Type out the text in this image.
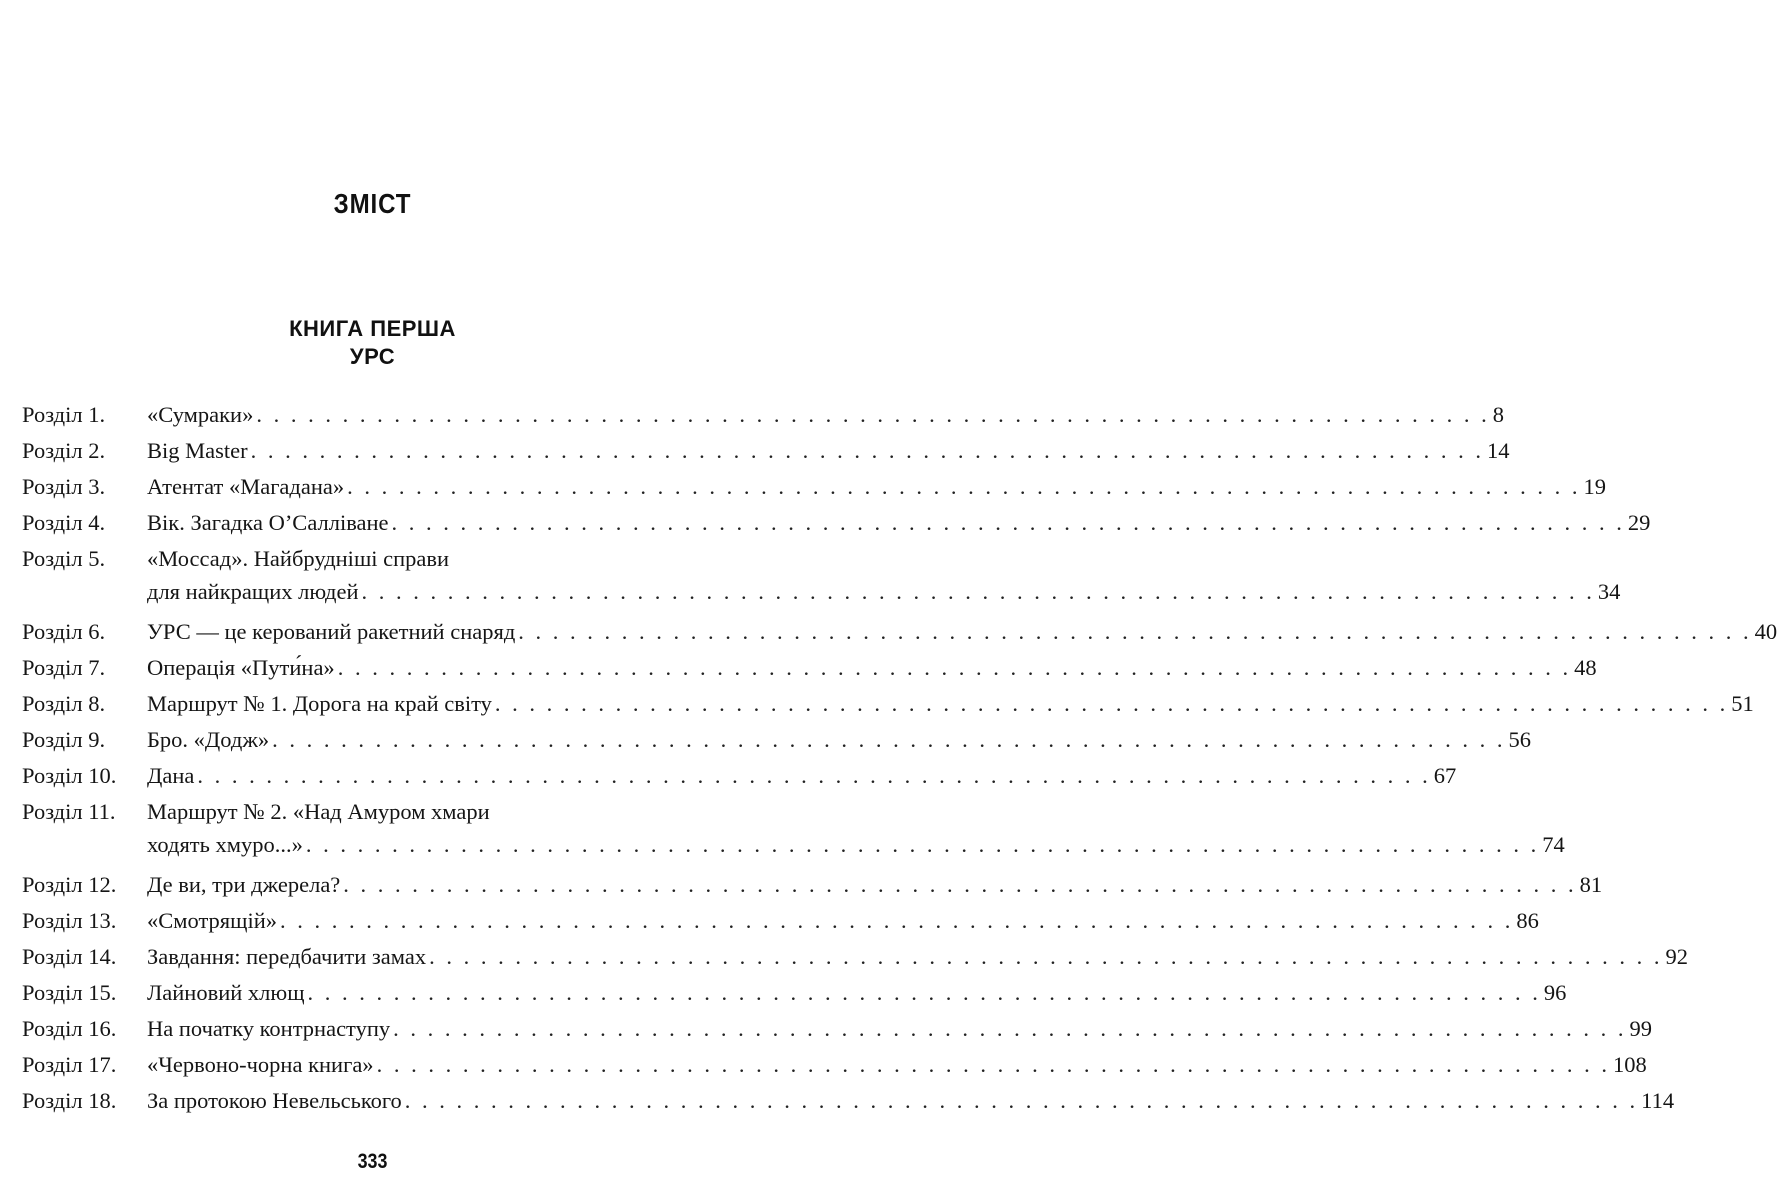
ЗМІСТ
КНИГА ПЕРША
УРС
Розділ 1.	«Сумраки» . . . . . . . . . . . . . . . . . . . . . . . . . . . . . . . . . . . . . . . . . . . . . . . . . . . . . . . . . . . . . . . . . . . . . . . . 8
Розділ 2.	Big Master . . . . . . . . . . . . . . . . . . . . . . . . . . . . . . . . . . . . . . . . . . . . . . . . . . . . . . . . . . . . . . . . . . . . . . . . 14
Розділ 3.	Атентат «Магадана» . . . . . . . . . . . . . . . . . . . . . . . . . . . . . . . . . . . . . . . . . . . . . . . . . . . . . . . . . . . . . . . . . . . . . . . . 19
Розділ 4.	Вік. Загадка О’Салліване . . . . . . . . . . . . . . . . . . . . . . . . . . . . . . . . . . . . . . . . . . . . . . . . . . . . . . . . . . . . . . . . . . . . . . . . 29
Розділ 5.	«Моссад». Найбрудніші справи
для найкращих людей . . . . . . . . . . . . . . . . . . . . . . . . . . . . . . . . . . . . . . . . . . . . . . . . . . . . . . . . . . . . . . . . . . . . . . . . 34
Розділ 6.	УРС — це керований ракетний снаряд . . . . . . . . . . . . . . . . . . . . . . . . . . . . . . . . . . . . . . . . . . . . . . . . . . . . . . . . . . . . . . . . . . . . . . . . 40
Розділ 7.	Операція «Пути́на» . . . . . . . . . . . . . . . . . . . . . . . . . . . . . . . . . . . . . . . . . . . . . . . . . . . . . . . . . . . . . . . . . . . . . . . . 48
Розділ 8.	Маршрут № 1. Дорога на край світу . . . . . . . . . . . . . . . . . . . . . . . . . . . . . . . . . . . . . . . . . . . . . . . . . . . . . . . . . . . . . . . . . . . . . . . . 51
Розділ 9.	Бро. «Додж» . . . . . . . . . . . . . . . . . . . . . . . . . . . . . . . . . . . . . . . . . . . . . . . . . . . . . . . . . . . . . . . . . . . . . . . . 56
Розділ 10.	Дана . . . . . . . . . . . . . . . . . . . . . . . . . . . . . . . . . . . . . . . . . . . . . . . . . . . . . . . . . . . . . . . . . . . . . . . . 67
Розділ 11.	Маршрут № 2. «Над Амуром хмари
ходять хмуро...» . . . . . . . . . . . . . . . . . . . . . . . . . . . . . . . . . . . . . . . . . . . . . . . . . . . . . . . . . . . . . . . . . . . . . . . . 74
Розділ 12.	Де ви, три джерела? . . . . . . . . . . . . . . . . . . . . . . . . . . . . . . . . . . . . . . . . . . . . . . . . . . . . . . . . . . . . . . . . . . . . . . . . 81
Розділ 13.	«Смотрящій» . . . . . . . . . . . . . . . . . . . . . . . . . . . . . . . . . . . . . . . . . . . . . . . . . . . . . . . . . . . . . . . . . . . . . . . . 86
Розділ 14.	Завдання: передбачити замах . . . . . . . . . . . . . . . . . . . . . . . . . . . . . . . . . . . . . . . . . . . . . . . . . . . . . . . . . . . . . . . . . . . . . . . . 92
Розділ 15.	Лайновий хлющ . . . . . . . . . . . . . . . . . . . . . . . . . . . . . . . . . . . . . . . . . . . . . . . . . . . . . . . . . . . . . . . . . . . . . . . . 96
Розділ 16.	На початку контрнаступу . . . . . . . . . . . . . . . . . . . . . . . . . . . . . . . . . . . . . . . . . . . . . . . . . . . . . . . . . . . . . . . . . . . . . . . . 99
Розділ 17.	«Червоно-чорна книга» . . . . . . . . . . . . . . . . . . . . . . . . . . . . . . . . . . . . . . . . . . . . . . . . . . . . . . . . . . . . . . . . . . . . . . . . 108
Розділ 18.	За протокою Невельського . . . . . . . . . . . . . . . . . . . . . . . . . . . . . . . . . . . . . . . . . . . . . . . . . . . . . . . . . . . . . . . . . . . . . . . . 114
333
